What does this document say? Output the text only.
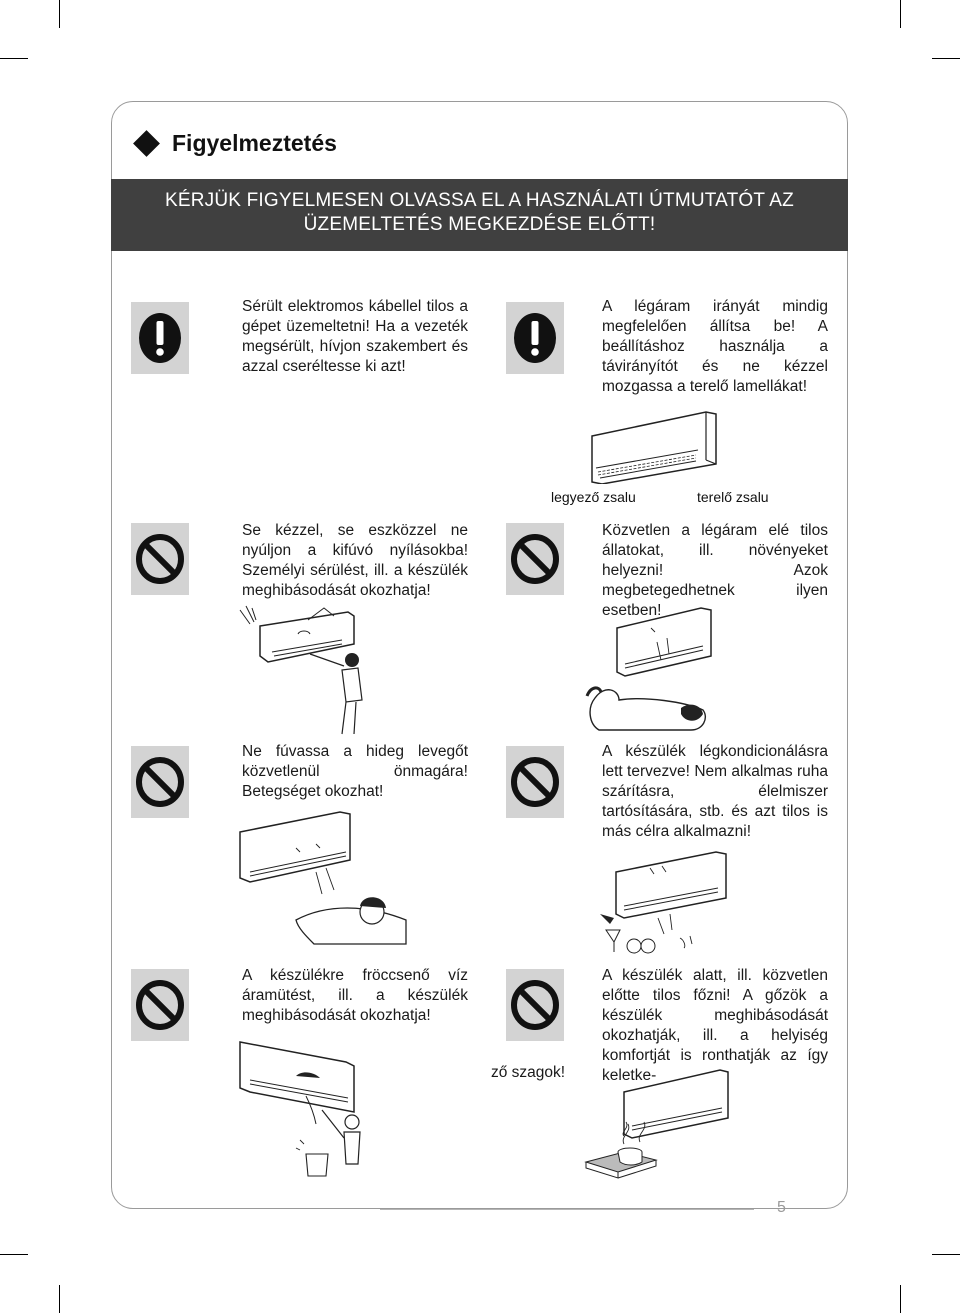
Figyelmeztetés
KÉRJÜK FIGYELMESEN OLVASSA EL A HASZNÁLATI ÚTMUTATÓT AZ
ÜZEMELTETÉS MEGKEZDÉSE ELŐTT!
Sérült elektromos kábellel tilos a gépet üzemeltetni! Ha a vezeték megsérült, hívjon szakembert és azzal cseréltesse ki azt!
A légáram irányát mindig megfelelően állítsa be! A beállításhoz használja a távirányítót és ne kézzel mozgassa a terelő lamellákat!
legyező zsalu	terelő zsalu
Se kézzel, se eszközzel ne nyúljon a kifúvó nyílásokba! Személyi sérülést, ill. a készülék meghibásodását okozhatja!
Közvetlen a légáram elé tilos állatokat, ill. növényeket helyezni! Azok megbetegedhetnek ilyen esetben!
Ne fúvassa a hideg levegőt közvetlenül önmagára! Betegséget okozhat!
A készülék légkondicionálásra lett tervezve! Nem alkalmas ruha szárításra, élelmiszer tartósítására, stb. és azt tilos is más célra alkalmazni!
A készülékre fröccsenő víz áramütést, ill. a készülék meghibásodását okozhatja!
A készülék alatt, ill. közvetlen előtte tilos főzni! A gőzök a készülék meghibásodását okozhatják, ill. a helyiség komfortját is ronthatják az így keletke-
ző szagok!
5
